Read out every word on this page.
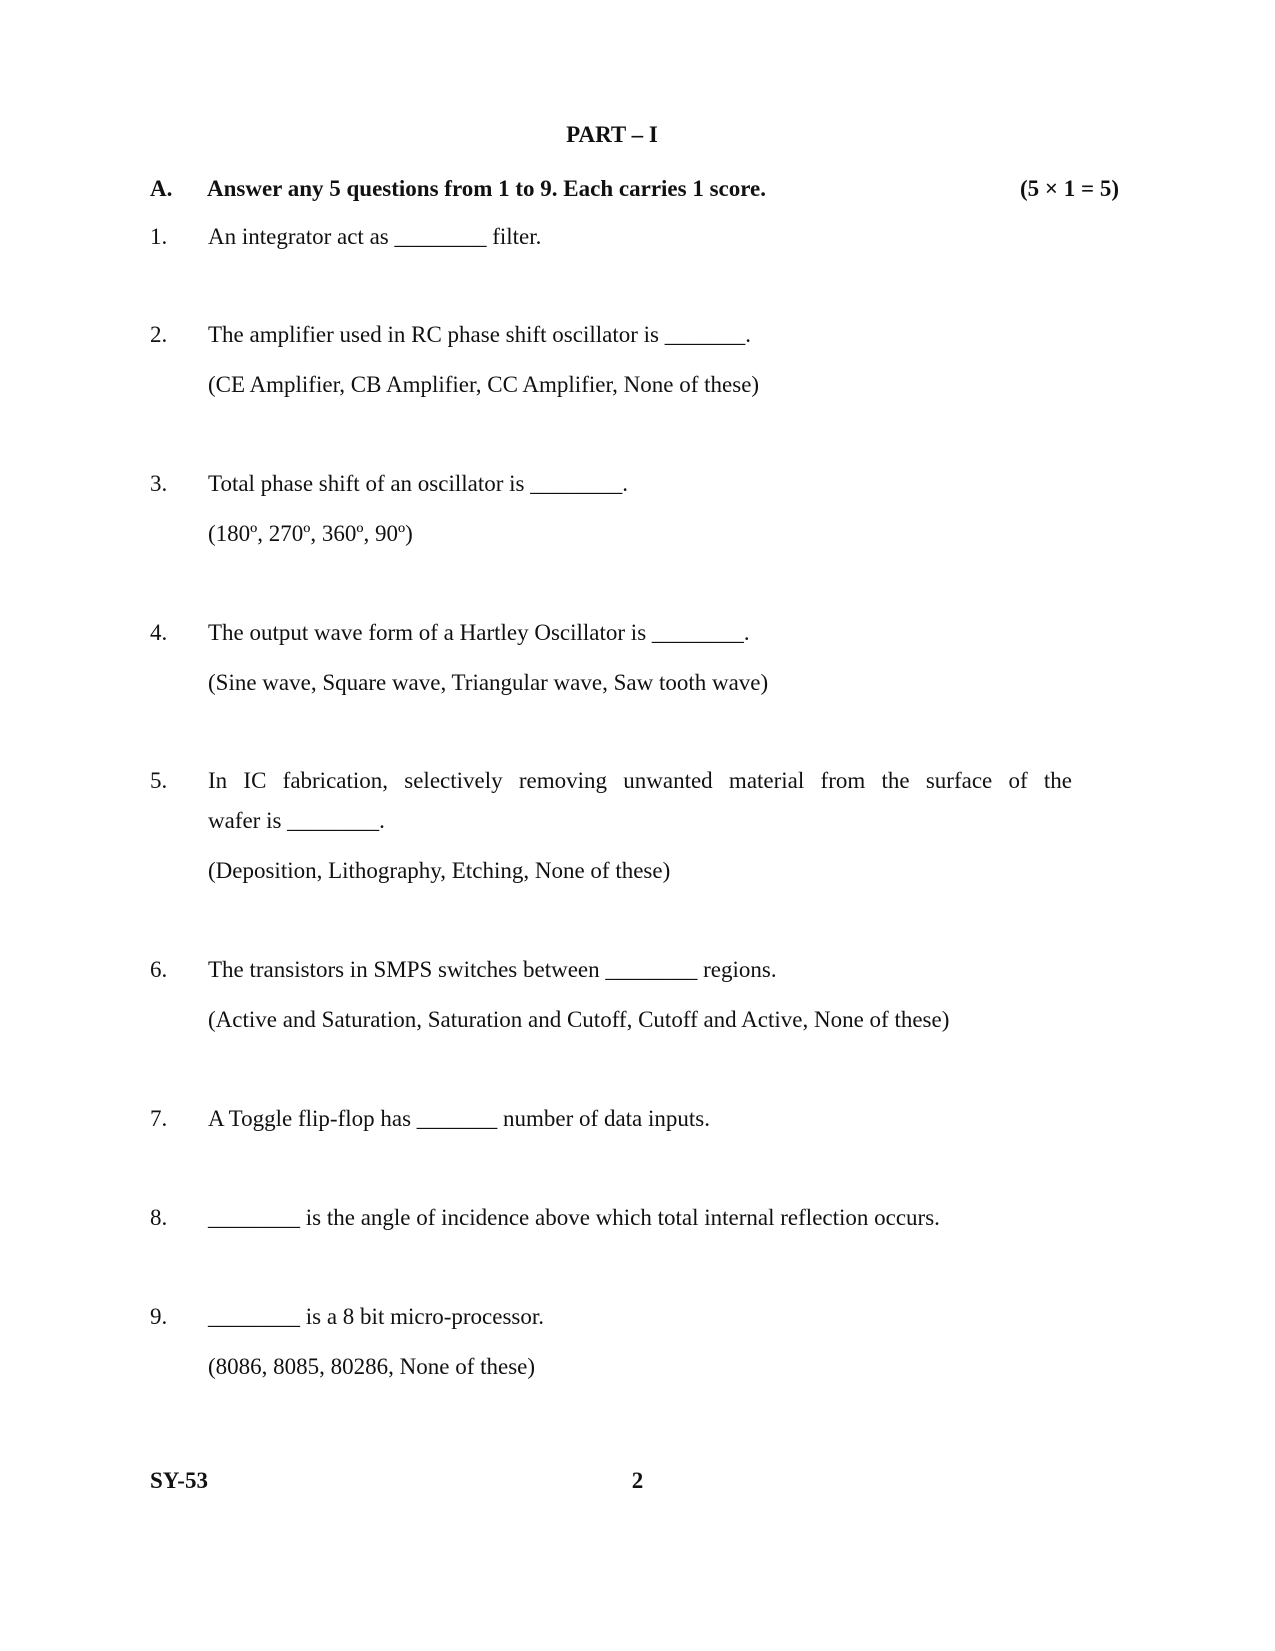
PART – I
A. Answer any 5 questions from 1 to 9. Each carries 1 score.	(5 × 1 = 5)
1. An integrator act as ________ filter.
2. The amplifier used in RC phase shift oscillator is _______.
(CE Amplifier, CB Amplifier, CC Amplifier, None of these)
3. Total phase shift of an oscillator is ________.
(180º, 270º, 360º, 90º)
4. The output wave form of a Hartley Oscillator is ________.
(Sine wave, Square wave, Triangular wave, Saw tooth wave)
5. In IC fabrication, selectively removing unwanted material from the surface of the
wafer is ________.
(Deposition, Lithography, Etching, None of these)
6. The transistors in SMPS switches between ________ regions.
(Active and Saturation, Saturation and Cutoff, Cutoff and Active, None of these)
7. A Toggle flip-flop has _______ number of data inputs.
8. ________ is the angle of incidence above which total internal reflection occurs.
9. ________ is a 8 bit micro-processor.
(8086, 8085, 80286, None of these)
SY-53	2
